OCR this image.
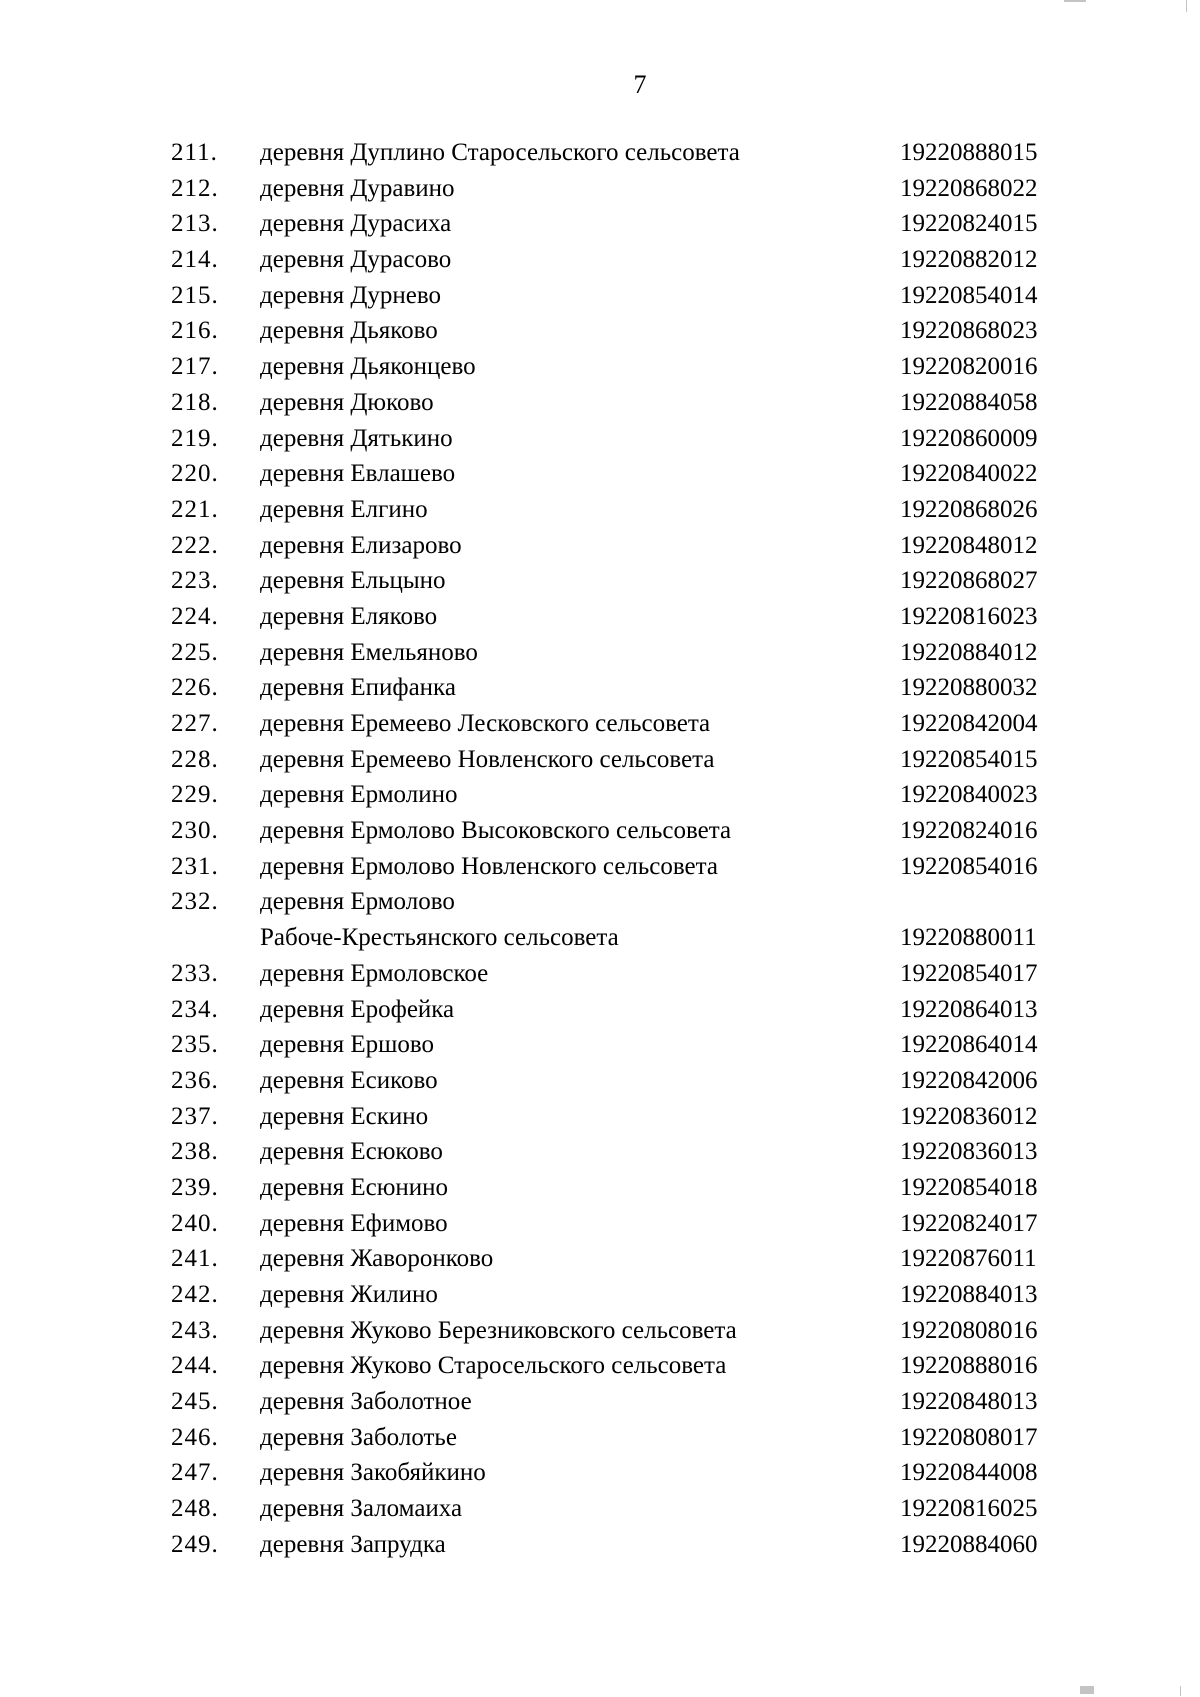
7
211. деревня Дуплино Старосельского сельсовета	19220888015
212. деревня Дуравино	19220868022
213. деревня Дурасиха	19220824015
214. деревня Дурасово	19220882012
215. деревня Дурнево	19220854014
216. деревня Дьяково	19220868023
217. деревня Дьяконцево	19220820016
218. деревня Дюково	19220884058
219. деревня Дятькино	19220860009
220. деревня Евлашево	19220840022
221. деревня Елгино	19220868026
222. деревня Елизарово	19220848012
223. деревня Ельцыно	19220868027
224. деревня Еляково	19220816023
225. деревня Емельяново	19220884012
226. деревня Епифанка	19220880032
227. деревня Еремеево Лесковского сельсовета	19220842004
228. деревня Еремеево Новленского сельсовета	19220854015
229. деревня Ермолино	19220840023
230. деревня Ермолово Высоковского сельсовета	19220824016
231. деревня Ермолово Новленского сельсовета	19220854016
232. деревня Ермолово
Рабоче-Крестьянского сельсовета	19220880011
233. деревня Ермоловское	19220854017
234. деревня Ерофейка	19220864013
235. деревня Ершово	19220864014
236. деревня Есиково	19220842006
237. деревня Ескино	19220836012
238. деревня Есюково	19220836013
239. деревня Есюнино	19220854018
240. деревня Ефимово	19220824017
241. деревня Жаворонково	19220876011
242. деревня Жилино	19220884013
243. деревня Жуково Березниковского сельсовета	19220808016
244. деревня Жуково Старосельского сельсовета	19220888016
245. деревня Заболотное	19220848013
246. деревня Заболотье	19220808017
247. деревня Закобяйкино	19220844008
248. деревня Заломаиха	19220816025
249. деревня Запрудка	19220884060
